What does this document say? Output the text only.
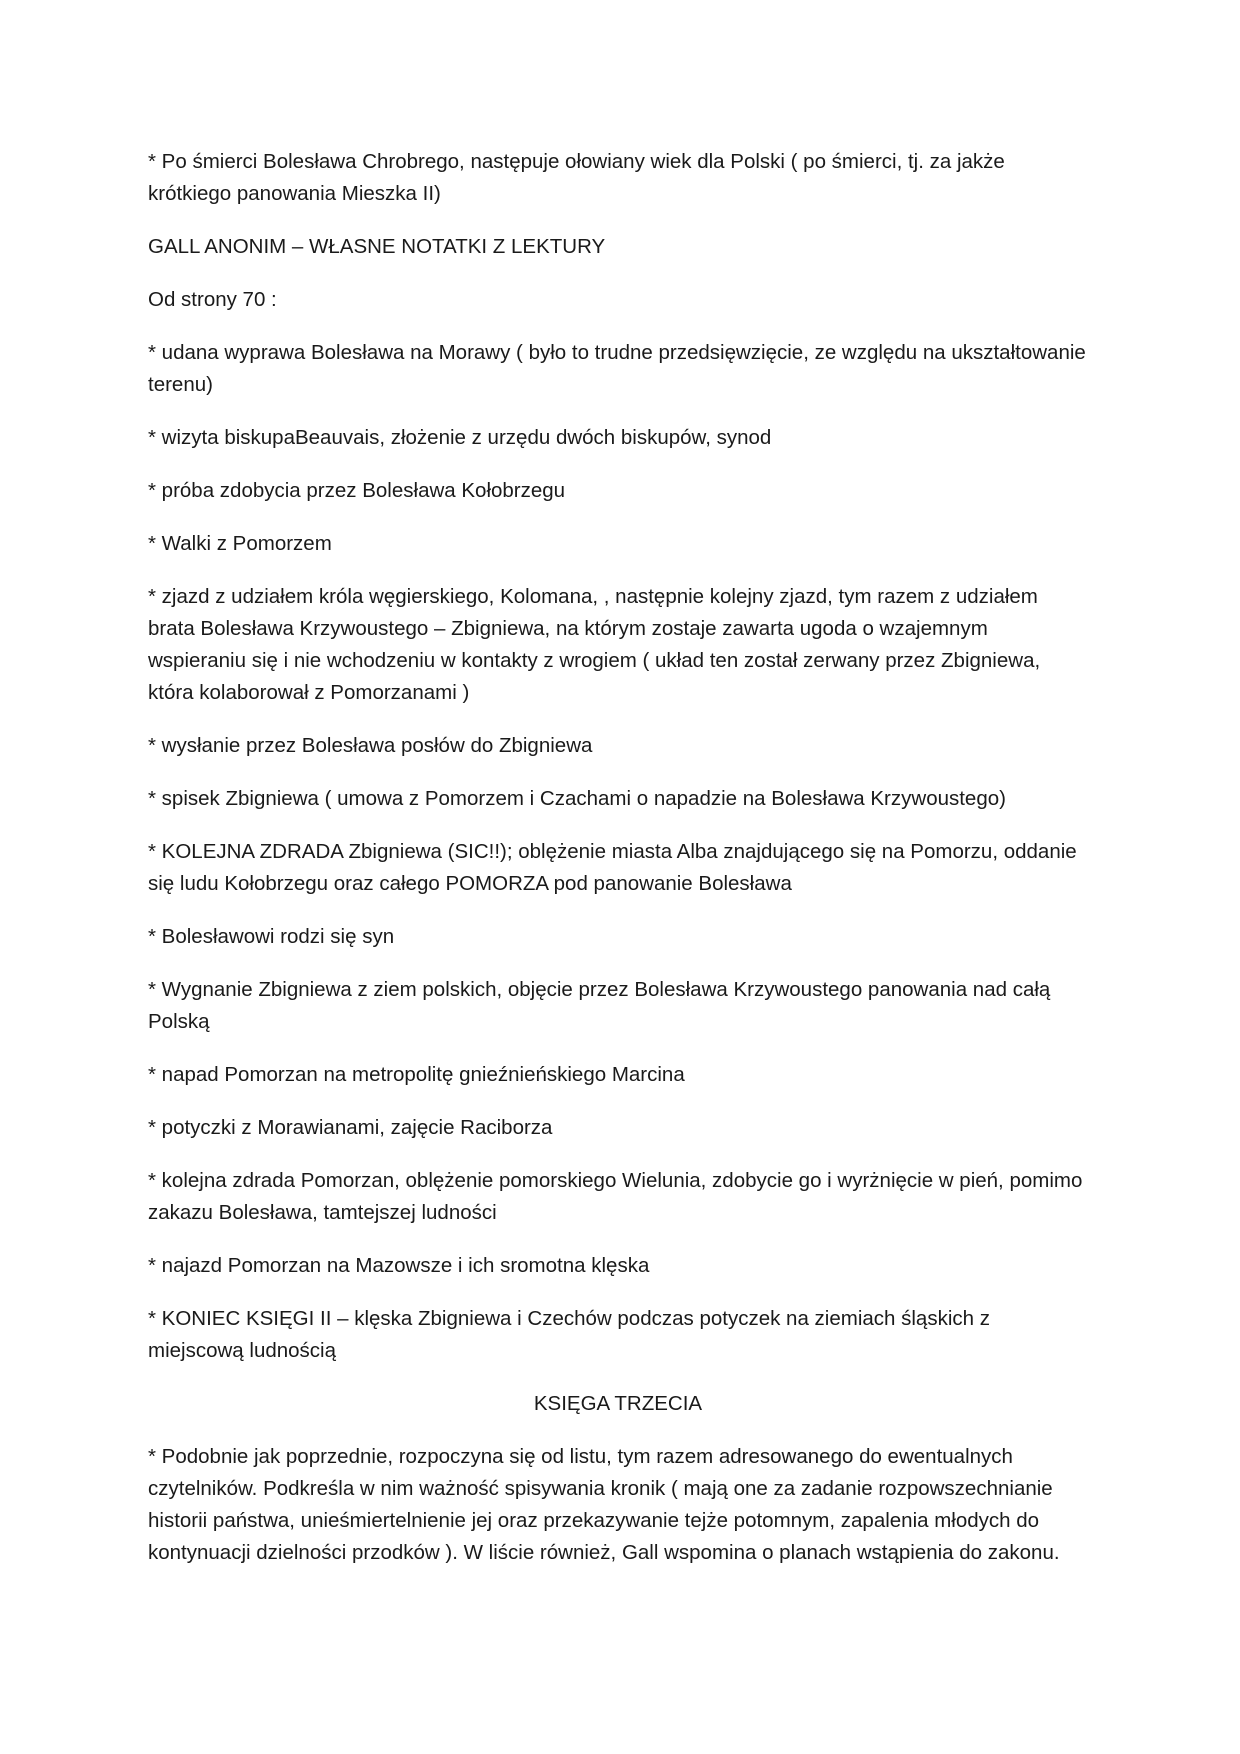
* Po śmierci Bolesława Chrobrego, następuje ołowiany wiek dla Polski ( po śmierci, tj. za jakże krótkiego panowania Mieszka II)

GALL ANONIM – WŁASNE NOTATKI Z LEKTURY

Od strony 70 :

* udana wyprawa Bolesława na Morawy ( było to trudne przedsięwzięcie, ze względu na ukształtowanie terenu)

* wizyta biskupaBeauvais, złożenie z urzędu dwóch biskupów, synod

* próba zdobycia przez Bolesława Kołobrzegu

* Walki z Pomorzem

* zjazd z udziałem króla węgierskiego, Kolomana, , następnie kolejny zjazd, tym razem z udziałem brata Bolesława Krzywoustego – Zbigniewa, na którym zostaje zawarta ugoda o wzajemnym wspieraniu się i nie wchodzeniu w kontakty z wrogiem ( układ ten został zerwany przez Zbigniewa, która kolaborował z Pomorzanami )

* wysłanie przez Bolesława posłów do Zbigniewa

* spisek Zbigniewa ( umowa z Pomorzem i Czachami o napadzie na Bolesława Krzywoustego)

* KOLEJNA ZDRADA Zbigniewa (SIC!!); oblężenie miasta Alba znajdującego się na Pomorzu, oddanie się ludu Kołobrzegu oraz całego POMORZA pod panowanie Bolesława

* Bolesławowi rodzi się syn

* Wygnanie Zbigniewa z ziem polskich, objęcie przez Bolesława Krzywoustego panowania nad całą Polską

* napad Pomorzan na metropolitę gnieźnieńskiego Marcina

* potyczki z Morawianami, zajęcie Raciborza

* kolejna zdrada Pomorzan, oblężenie pomorskiego Wielunia, zdobycie go i wyrżnięcie w pień, pomimo zakazu Bolesława, tamtejszej ludności

* najazd Pomorzan na Mazowsze i ich sromotna klęska

* KONIEC KSIĘGI II – klęska Zbigniewa i Czechów podczas potyczek na ziemiach śląskich z miejscową ludnością

KSIĘGA TRZECIA

* Podobnie jak poprzednie, rozpoczyna się od listu, tym razem adresowanego do ewentualnych czytelników. Podkreśla w nim ważność spisywania kronik ( mają one za zadanie rozpowszechnianie historii państwa, unieśmiertelnienie jej oraz przekazywanie tejże potomnym, zapalenia młodych do kontynuacji dzielności przodków ). W liście również, Gall wspomina o planach wstąpienia do zakonu.
